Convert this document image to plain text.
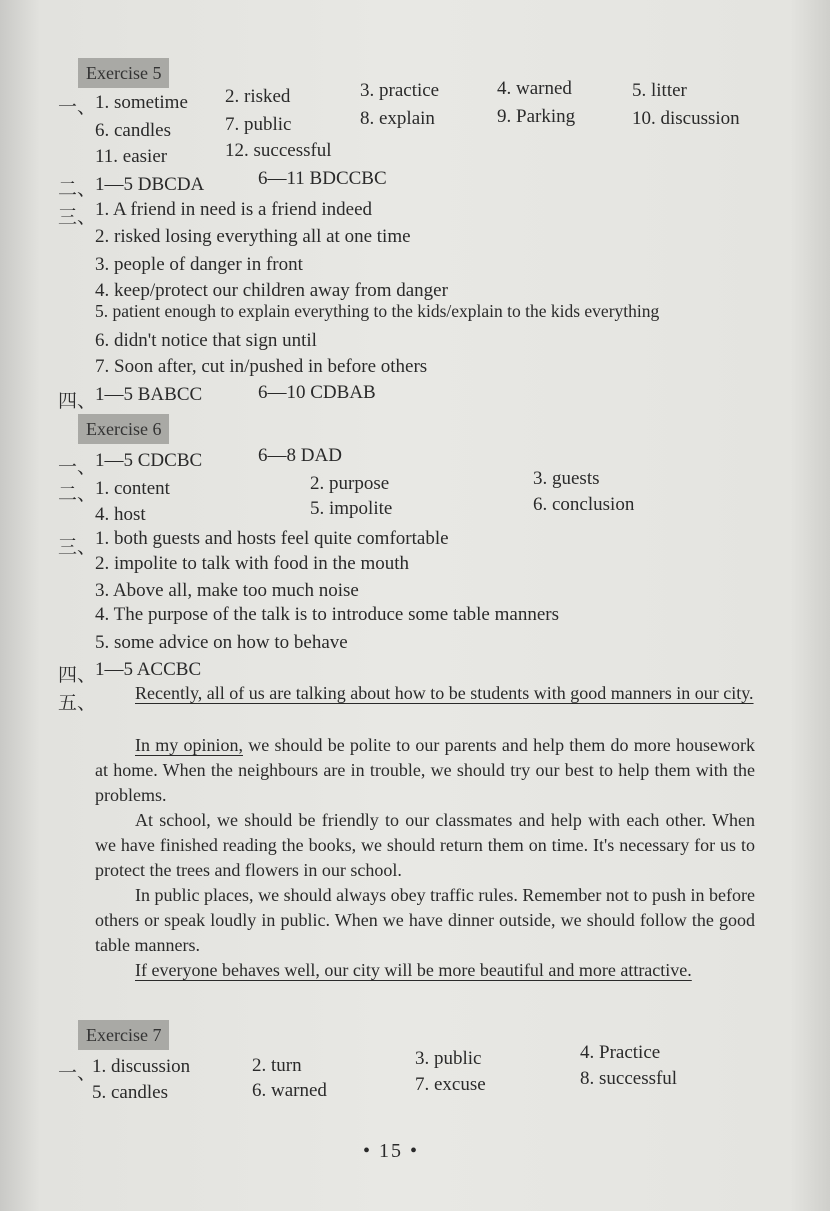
Exercise 5
一、
1. sometime 2. risked	3. practice	4. warned	5. litter
6. candles	7. public	8. explain	9. Parking	10. discussion
11. easier	12. successful
二、
1—5 DBCDA	6—11 BDCCBC
三、
1. A friend in need is a friend indeed
2. risked losing everything all at one time
3. people of danger in front
4. keep/protect our children away from danger
5. patient enough to explain everything to the kids/explain to the kids everything
6. didn't notice that sign until
7. Soon after, cut in/pushed in before others
四、
1—5 BABCC	6—10 CDBAB
Exercise 6
一、
1—5 CDCBC	6—8 DAD
二、
1. content	2. purpose	3. guests
4. host	5. impolite	6. conclusion
三、
1. both guests and hosts feel quite comfortable
2. impolite to talk with food in the mouth
3. Above all, make too much noise
4. The purpose of the talk is to introduce some table manners
5. some advice on how to behave
四、
1—5 ACCBC
五、	Recently, all of us are talking about how to be students with good manners in our city.
In my opinion, we should be polite to our parents and help them do more housework at home. When the neighbours are in trouble, we should try our best to help them with the problems.
At school, we should be friendly to our classmates and help with each other. When we have finished reading the books, we should return them on time. It's necessary for us to protect the trees and flowers in our school.
In public places, we should always obey traffic rules. Remember not to push in before others or speak loudly in public. When we have dinner outside, we should follow the good table manners.
If everyone behaves well, our city will be more beautiful and more attractive.
Exercise 7
一、
1. discussion	2. turn	3. public	4. Practice
5. candles	6. warned	7. excuse	8. successful
• 15 •
